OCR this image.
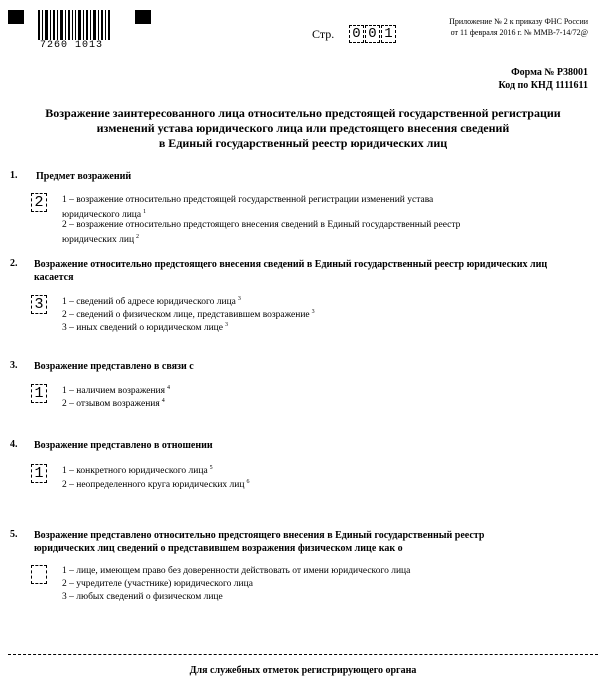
7260 1013
Стр. 0 0 1
Приложение № 2 к приказу ФНС России
от 11 февраля 2016 г. № ММВ-7-14/72@
Форма № Р38001
Код по КНД 1111611
Возражение заинтересованного лица относительно предстоящей государственной регистрации
изменений устава юридического лица или предстоящего внесения сведений
в Единый государственный реестр юридических лиц
1. Предмет возражений
2	1 – возражение относительно предстоящей государственной регистрации изменений устава
юридического лица $^1$
2 – возражение относительно предстоящего внесения сведений в Единый государственный реестр
юридических лиц $^2$
2. Возражение относительно предстоящего внесения сведений в Единый государственный реестр юридических лиц
касается
3	1 – сведений об адресе юридического лица $^3$
2 – сведений о физическом лице, представившем возражение $^3$
3 – иных сведений о юридическом лице $^3$
3. Возражение представлено в связи с
1	1 – наличием возражения $^4$
2 – отзывом возражения $^4$
4. Возражение представлено в отношении
1	1 – конкретного юридического лица $^5$
2 – неопределенного круга юридических лиц $^6$
5. Возражение представлено относительно предстоящего внесения в Единый государственный реестр
юридических лиц сведений о представившем возражения физическом лице как о
1 – лице, имеющем право без доверенности действовать от имени юридического лица
2 – учредителе (участнике) юридического лица
3 – любых сведений о физическом лице
Для служебных отметок регистрирующего органа
